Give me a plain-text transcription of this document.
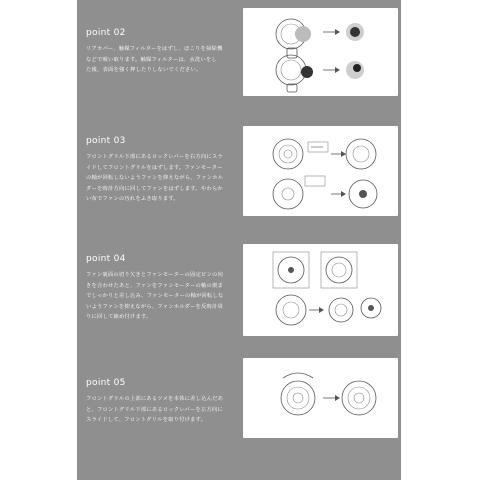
point 02
リアカバー、触媒フィルターをはずし、ほこりを掃除機
などで吸い取ります。触媒フィルターは、水洗いをし
た後、表面を強く押したりしないでください。
point 03
フロントグリル下部にあるロックレバーを右方向にスラ
イドしてフロントグリルをはずします。ファンモーター
の軸が回転しないようファンを抑えながら、ファンホル
ダーを時計方向に回してファンをはずします。やわらか
い布でファンの汚れをふき取ります。
point 04
ファン裏面の切り欠きとファンモーターの固定ピンの向
きを合わせたあと、ファンをファンモーターの軸の奥ま
でしっかりと差し込み、ファンモーターの軸が回転しな
いようファンを抑えながら、ファンホルダーを反時計周
りに回して締め付けます。
point 05
フロントグリルの上部にあるツメを本体に差し込んだあ
と、フロントグリル下部にあるロックレバーを左方向に
スライドして、フロントグリルを取り付けます。
